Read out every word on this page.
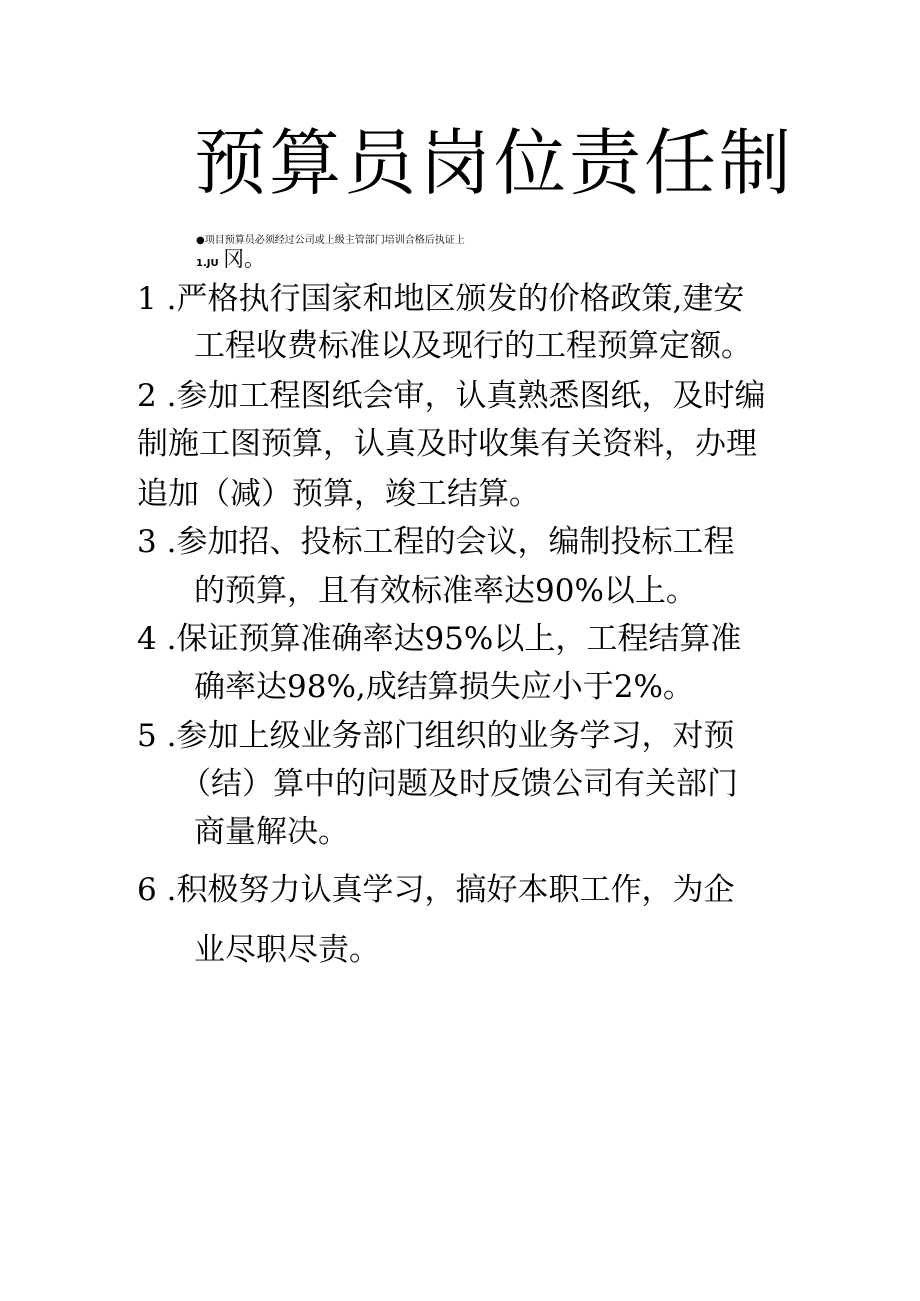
预算员岗位责任制
●项目预算员必须经过公司或上级主管部门培训合格后执证上
1.JU 冈。
1 .严格执行国家和地区颁发的价格政策,建安
工程收费标准以及现行的工程预算定额。
2 .参加工程图纸会审，认真熟悉图纸，及时编
制施工图预算，认真及时收集有关资料，办理
追加（减）预算，竣工结算。
3 .参加招、投标工程的会议，编制投标工程
的预算，且有效标准率达90%以上。
4 .保证预算准确率达95%以上，工程结算准
确率达98%,成结算损失应小于2%。
5 .参加上级业务部门组织的业务学习，对预
（结）算中的问题及时反馈公司有关部门
商量解决。
6 .积极努力认真学习，搞好本职工作，为企
业尽职尽责。
